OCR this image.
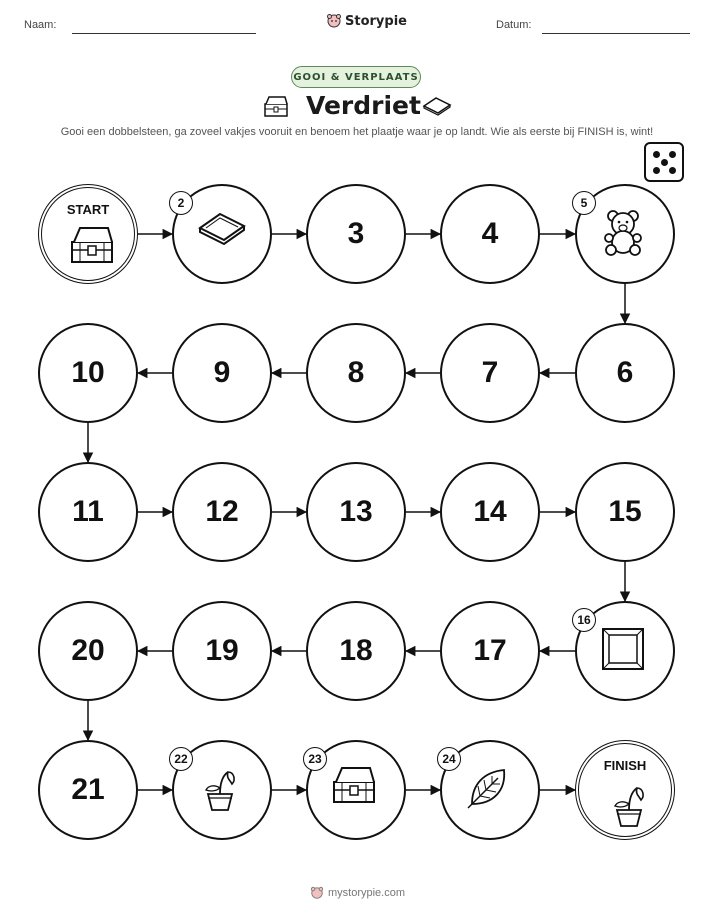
Naam:	Storypie	Datum:
GOOI & VERPLAATS
Verdriet
Gooi een dobbelsteen, ga zoveel vakjes vooruit en benoem het plaatje waar je op landt. Wie als eerste bij FINISH is, wint!
START	2
3	4
5
6
7
8
9
10
11	12	13	14	15
16
17
18
19
20
21
22	23	24	FINISH
mystorypie.com
